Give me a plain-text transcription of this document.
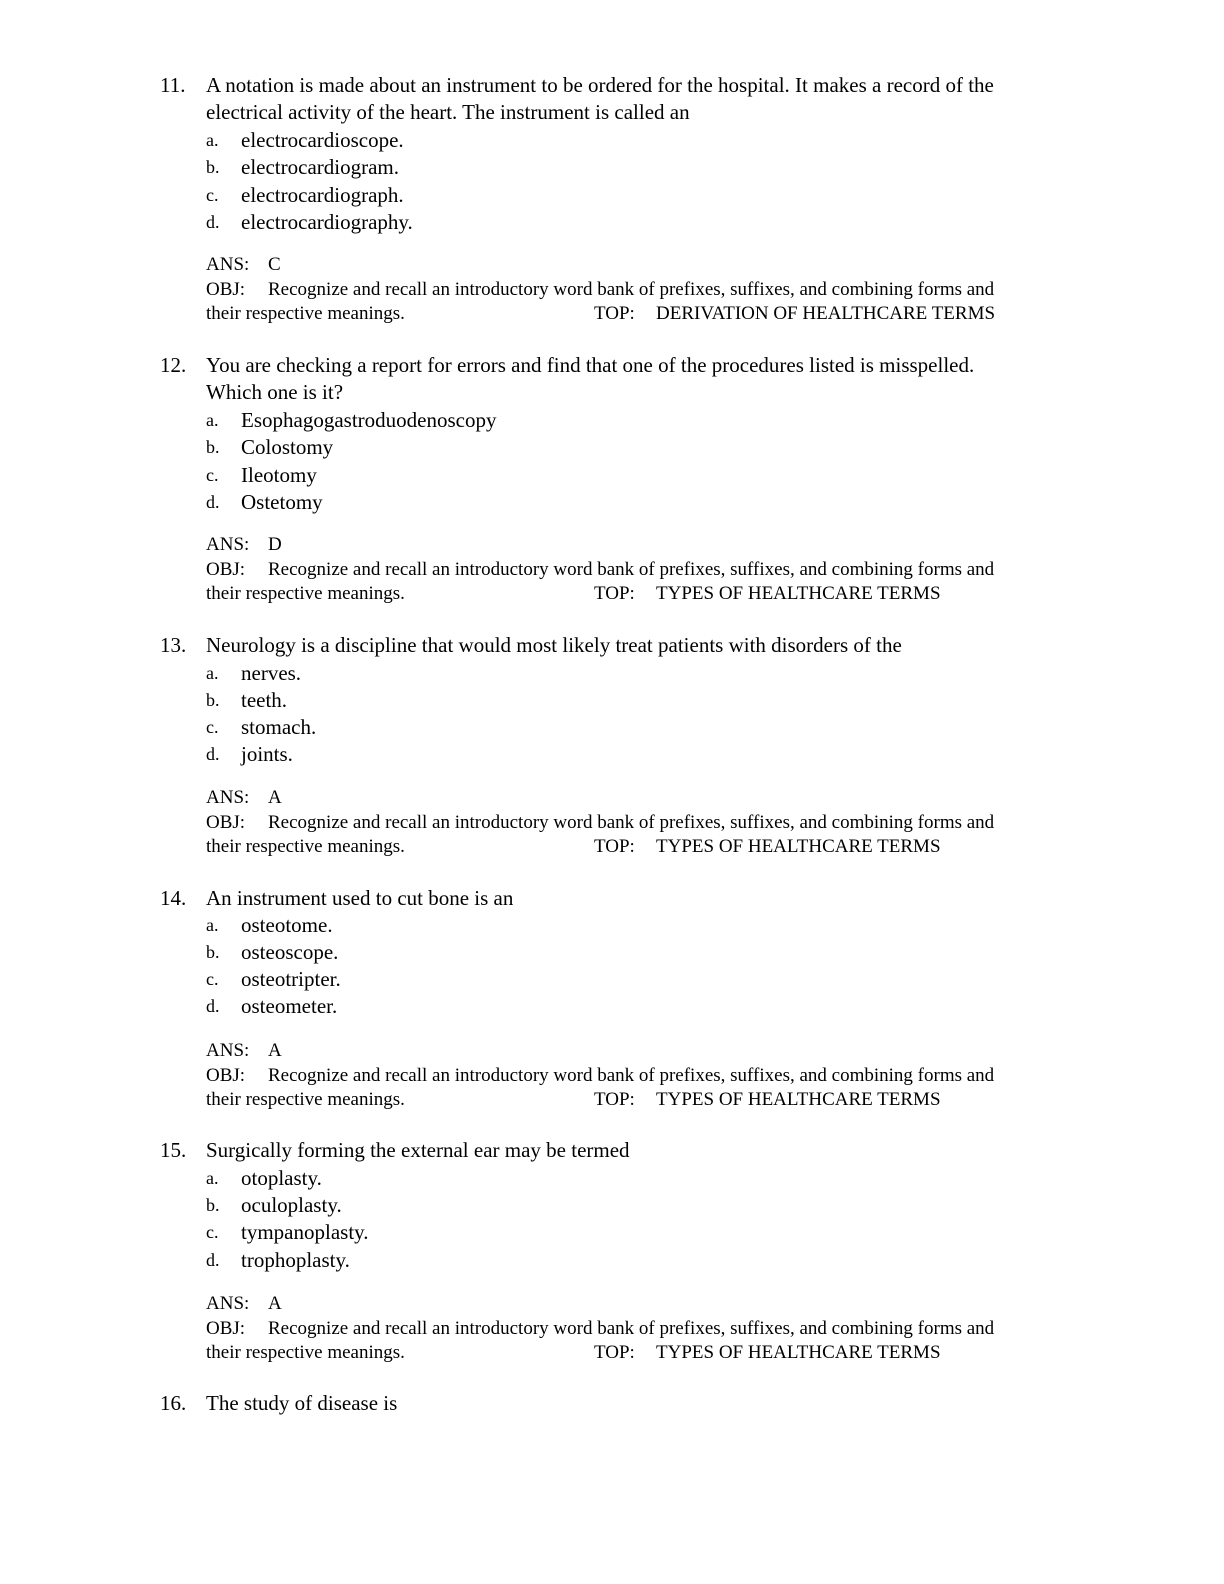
11. A notation is made about an instrument to be ordered for the hospital. It makes a record of the
electrical activity of the heart. The instrument is called an
a. electrocardioscope.
b. electrocardiogram.
c. electrocardiograph.
d. electrocardiography.
ANS: C
OBJ: Recognize and recall an introductory word bank of prefixes, suffixes, and combining forms and
their respective meanings.	TOP: DERIVATION OF HEALTHCARE TERMS
12. You are checking a report for errors and find that one of the procedures listed is misspelled.
Which one is it?
a. Esophagogastroduodenoscopy
b. Colostomy
c. Ileotomy
d. Ostetomy
ANS: D
OBJ: Recognize and recall an introductory word bank of prefixes, suffixes, and combining forms and
their respective meanings.	TOP: TYPES OF HEALTHCARE TERMS
13. Neurology is a discipline that would most likely treat patients with disorders of the
a. nerves.
b. teeth.
c. stomach.
d. joints.
ANS: A
OBJ: Recognize and recall an introductory word bank of prefixes, suffixes, and combining forms and
their respective meanings.	TOP: TYPES OF HEALTHCARE TERMS
14. An instrument used to cut bone is an
a. osteotome.
b. osteoscope.
c. osteotripter.
d. osteometer.
ANS: A
OBJ: Recognize and recall an introductory word bank of prefixes, suffixes, and combining forms and
their respective meanings.	TOP: TYPES OF HEALTHCARE TERMS
15. Surgically forming the external ear may be termed
a. otoplasty.
b. oculoplasty.
c. tympanoplasty.
d. trophoplasty.
ANS: A
OBJ: Recognize and recall an introductory word bank of prefixes, suffixes, and combining forms and
their respective meanings.	TOP: TYPES OF HEALTHCARE TERMS
16. The study of disease is
